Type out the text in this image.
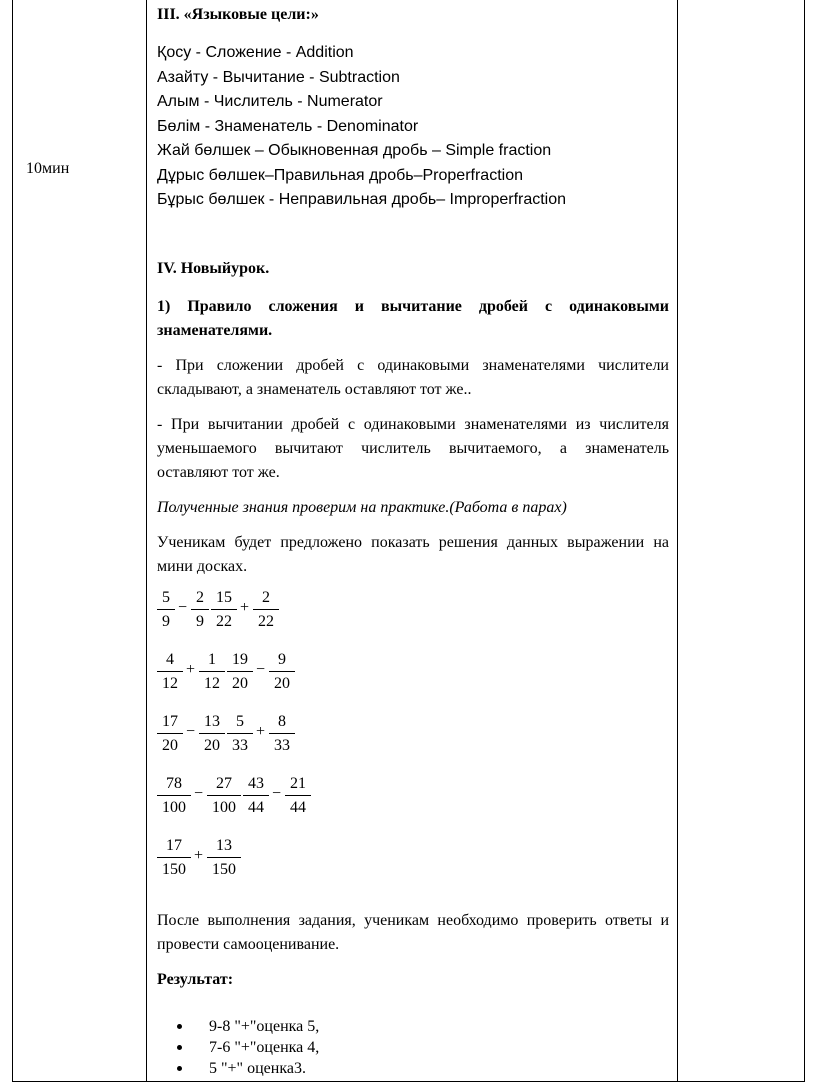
10мин

III. «Языковые цели:»

Қосу - Сложение - Addition

Азайту - Вычитание - Subtraction

Алым - Числитель - Numerator

Бөлім - Знаменатель - Denominator

Жай бөлшек – Обыкновенная дробь – Simple fraction

Дұрыс бөлшек–Правильная дробь–Properfraction

Бұрыс бөлшек - Неправильная дробь– Improperfraction

IV. Новыйурок.

1) Правило сложения и вычитание дробей с одинаковыми знаменателями.

- При сложении дробей с одинаковыми знаменателями числители складывают, а знаменатель оставляют тот же..

- При вычитании дробей с одинаковыми знаменателями из числителя уменьшаемого вычитают числитель вычитаемого, а знаменатель оставляют тот же.

Полученные знания проверим на практике.(Работа в парах)

Ученикам будет предложено показать решения данных выражении на мини досках.

5
9
−
2
9
15
22
+
2
22
4
12
+
1
12
19
20
−
9
20
17
20
−
13
20
5
33
+
8
33
78
100
−
27
100
43
44
−
21
44
17
150
+
13
150

После выполнения задания, ученикам необходимо проверить ответы и провести самооценивание.

Результат:

9-8 "+"оценка 5,
7-6 "+"оценка 4,
5 "+" оценка3.
